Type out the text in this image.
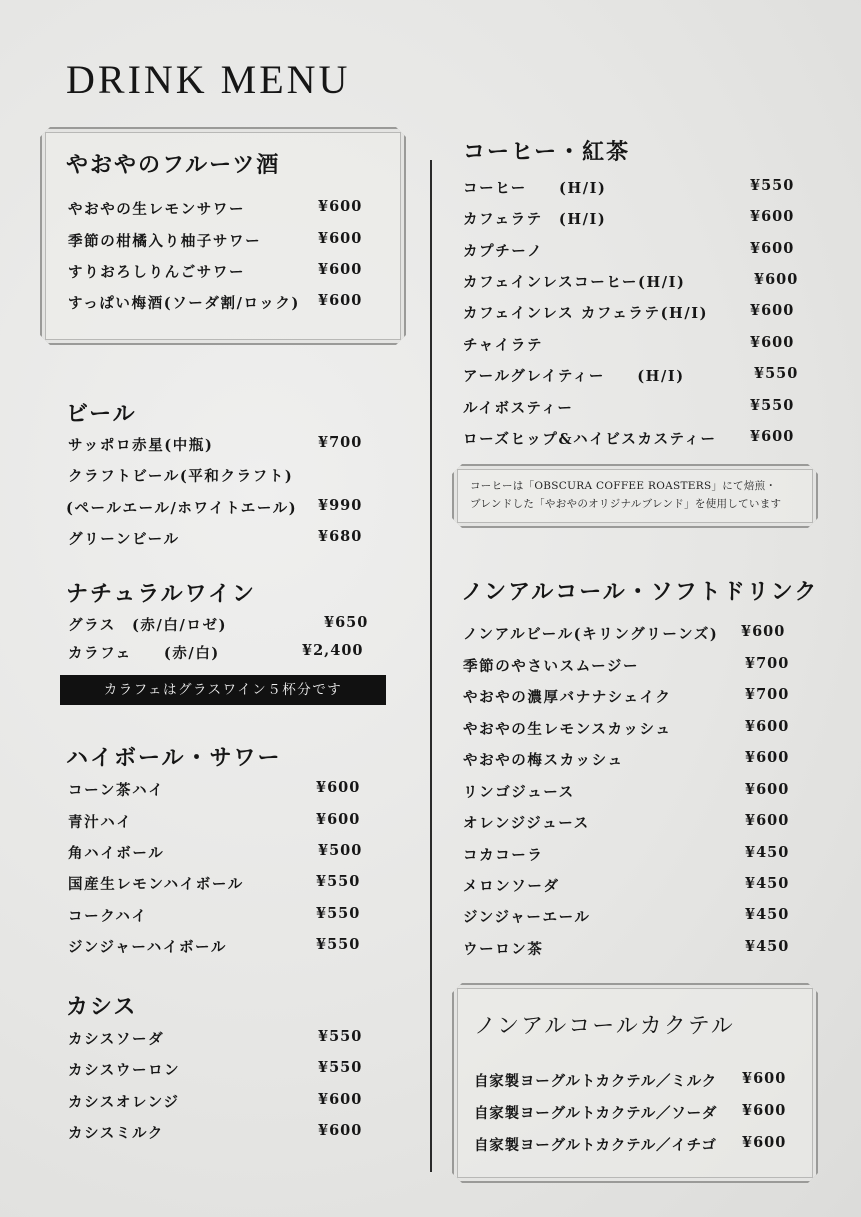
DRINK MENU
やおやのフルーツ酒
やおやの生レモンサワー	¥600
季節の柑橘入り柚子サワー	¥600
すりおろしりんごサワー	¥600
すっぱい梅酒(ソーダ割/ロック) ¥600
ビール
サッポロ赤星(中瓶)	¥700
クラフトビール(平和クラフト)
(ペールエール/ホワイトエール) ¥990
グリーンビール	¥680
ナチュラルワイン
グラス　(赤/白/ロゼ)	¥650
カラフェ　　(赤/白)	¥2,400
カラフェはグラスワイン５杯分です
ハイボール・サワー
コーン茶ハイ	¥600
青汁ハイ	¥600
角ハイボール	¥500
国産生レモンハイボール	¥550
コークハイ	¥550
ジンジャーハイボール	¥550
カシス
カシスソーダ	¥550
カシスウーロン	¥550
カシスオレンジ	¥600
カシスミルク	¥600
コーヒー・紅茶
コーヒー　　(H/I)	¥550
カフェラテ　(H/I)	¥600
カプチーノ	¥600
カフェインレスコーヒー(H/I)	¥600
カフェインレス カフェラテ(H/I)	¥600
チャイラテ	¥600
アールグレイティー　　(H/I)	¥550
ルイボスティー	¥550
ローズヒップ&ハイビスカスティー ¥600
コーヒーは「OBSCURA COFFEE ROASTERS」にて焙煎・
ブレンドした「やおやのオリジナルブレンド」を使用しています
ノンアルコール・ソフトドリンク
ノンアルビール(キリングリーンズ) ¥600
季節のやさいスムージー	¥700
やおやの濃厚バナナシェイク	¥700
やおやの生レモンスカッシュ	¥600
やおやの梅スカッシュ	¥600
リンゴジュース	¥600
オレンジジュース	¥600
コカコーラ	¥450
メロンソーダ	¥450
ジンジャーエール	¥450
ウーロン茶	¥450
ノンアルコールカクテル
自家製ヨーグルトカクテル／ミルク ¥600
自家製ヨーグルトカクテル／ソーダ ¥600
自家製ヨーグルトカクテル／イチゴ ¥600
